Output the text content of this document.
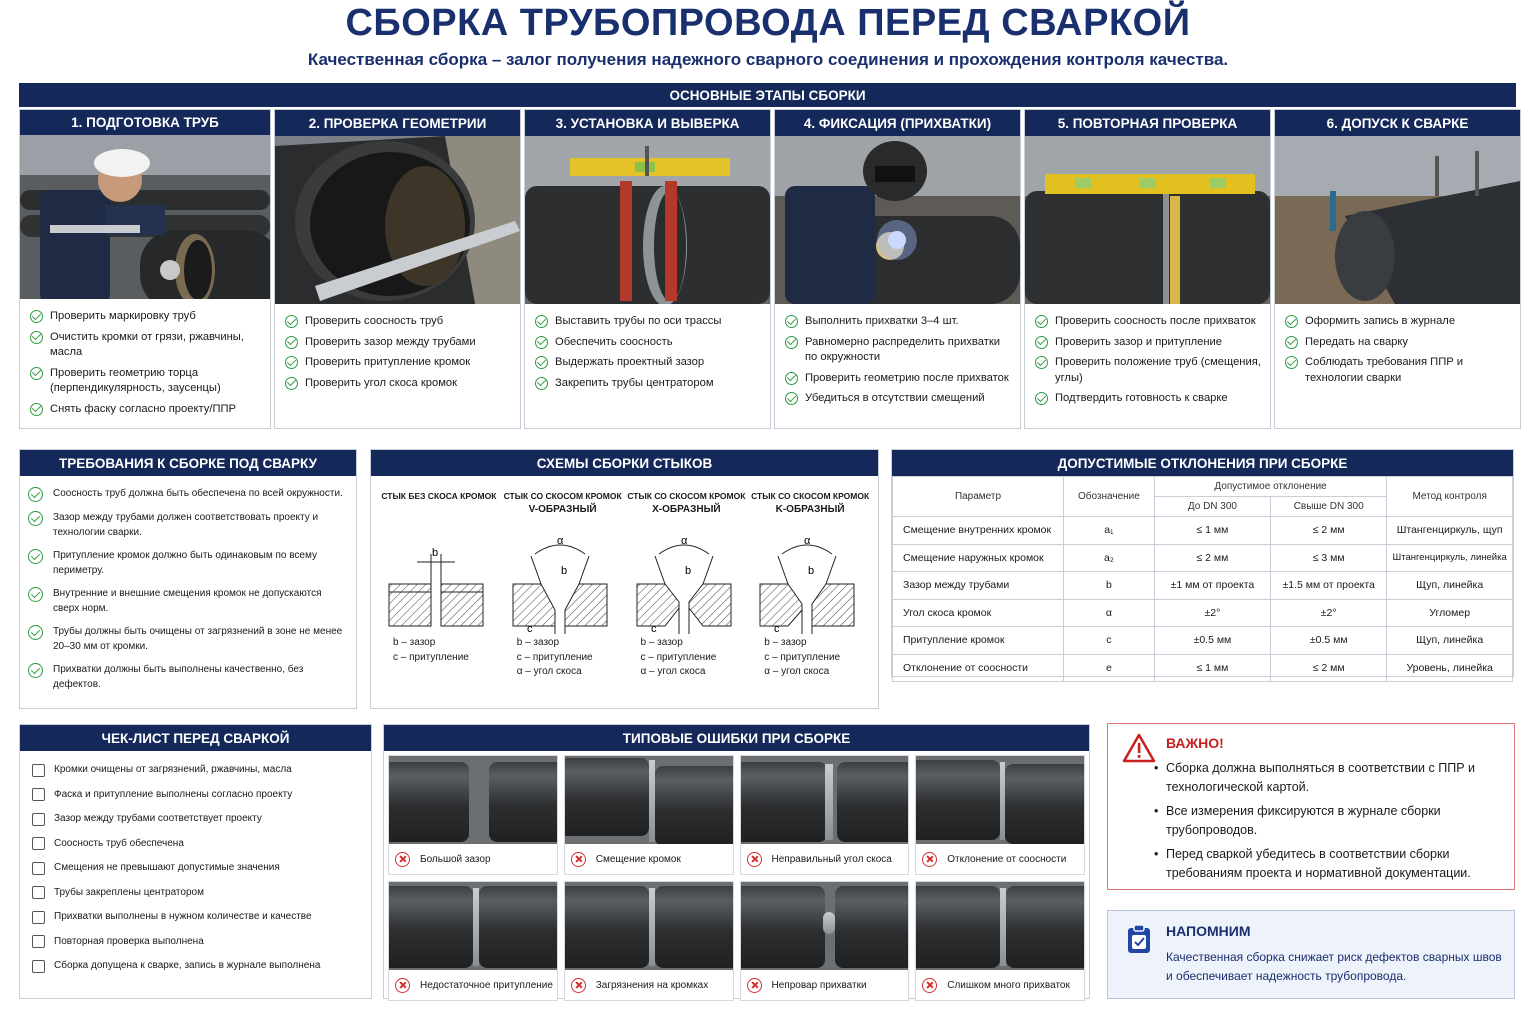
СБОРКА ТРУБОПРОВОДА ПЕРЕД СВАРКОЙ
Качественная сборка – залог получения надежного сварного соединения и прохождения контроля качества.
ОСНОВНЫЕ ЭТАПЫ СБОРКИ
1. ПОДГОТОВКА ТРУБ
Проверить маркировку труб
Очистить кромки от грязи, ржавчины, масла
Проверить геометрию торца (перпендикулярность, заусенцы)
Снять фаску согласно проекту/ППР
2. ПРОВЕРКА ГЕОМЕТРИИ
Проверить соосность труб
Проверить зазор между трубами
Проверить притупление кромок
Проверить угол скоса кромок
3. УСТАНОВКА И ВЫВЕРКА
Выставить трубы по оси трассы
Обеспечить соосность
Выдержать проектный зазор
Закрепить трубы центратором
4. ФИКСАЦИЯ (ПРИХВАТКИ)
Выполнить прихватки 3–4 шт.
Равномерно распределить прихватки по окружности
Проверить геометрию после прихваток
Убедиться в отсутствии смещений
5. ПОВТОРНАЯ ПРОВЕРКА
Проверить соосность после прихваток
Проверить зазор и притупление
Проверить положение труб (смещения, углы)
Подтвердить готовность к сварке
6. ДОПУСК К СВАРКЕ
Оформить запись в журнале
Передать на сварку
Соблюдать требования ППР и технологии сварки
ТРЕБОВАНИЯ К СБОРКЕ ПОД СВАРКУ
Соосность труб должна быть обеспечена по всей окружности.
Зазор между трубами должен соответствовать проекту и технологии сварки.
Притупление кромок должно быть одинаковым по всему периметру.
Внутренние и внешние смещения кромок не допускаются сверх норм.
Трубы должны быть очищены от загрязнений в зоне не менее 20–30 мм от кромки.
Прихватки должны быть выполнены качественно, без дефектов.
СХЕМЫ СБОРКИ СТЫКОВ
СТЫК БЕЗ СКОСА КРОМОК
b
b – зазор
c – притупление
СТЫК СО СКОСОМ КРОМОК
V-ОБРАЗНЫЙ
α
b
c
b – зазор
c – притупление
α – угол скоса
СТЫК СО СКОСОМ КРОМОК
X-ОБРАЗНЫЙ
α
b
c
b – зазор
c – притупление
α – угол скоса
СТЫК СО СКОСОМ КРОМОК
K-ОБРАЗНЫЙ
α
b
c
b – зазор
c – притупление
α – угол скоса
ДОПУСТИМЫЕ ОТКЛОНЕНИЯ ПРИ СБОРКЕ
Параметр	Обозначение	Допустимое отклонение		Метод контроля
		До DN 300	Свыше DN 300	
Смещение внутренних кромок	a₁	≤ 1 мм	≤ 2 мм	Штангенциркуль, щуп
Смещение наружных кромок	a₂	≤ 2 мм	≤ 3 мм	Штангенциркуль, линейка
Зазор между трубами	b	±1 мм от проекта	±1.5 мм от проекта	Щуп, линейка
Угол скоса кромок	α	±2°	±2°	Угломер
Притупление кромок	c	±0.5 мм	±0.5 мм	Щуп, линейка
Отклонение от соосности	e	≤ 1 мм	≤ 2 мм	Уровень, линейка
ЧЕК-ЛИСТ ПЕРЕД СВАРКОЙ
Кромки очищены от загрязнений, ржавчины, масла
Фаска и притупление выполнены согласно проекту
Зазор между трубами соответствует проекту
Соосность труб обеспечена
Смещения не превышают допустимые значения
Трубы закреплены центратором
Прихватки выполнены в нужном количестве и качестве
Повторная проверка выполнена
Сборка допущена к сварке, запись в журнале выполнена
ТИПОВЫЕ ОШИБКИ ПРИ СБОРКЕ
Большой зазор	Смещение кромок	Неправильный угол скоса	Отклонение от соосности
Недостаточное притупление	Загрязнения на кромках	Непровар прихватки	Слишком много прихваток
ВАЖНО!
• Сборка должна выполняться в соответствии с ППР и технологической картой.
• Все измерения фиксируются в журнале сборки трубопроводов.
• Перед сваркой убедитесь в соответствии сборки требованиям проекта и нормативной документации.
НАПОМНИМ

Качественная сборка снижает риск дефектов сварных швов и обеспечивает надежность трубопровода.
